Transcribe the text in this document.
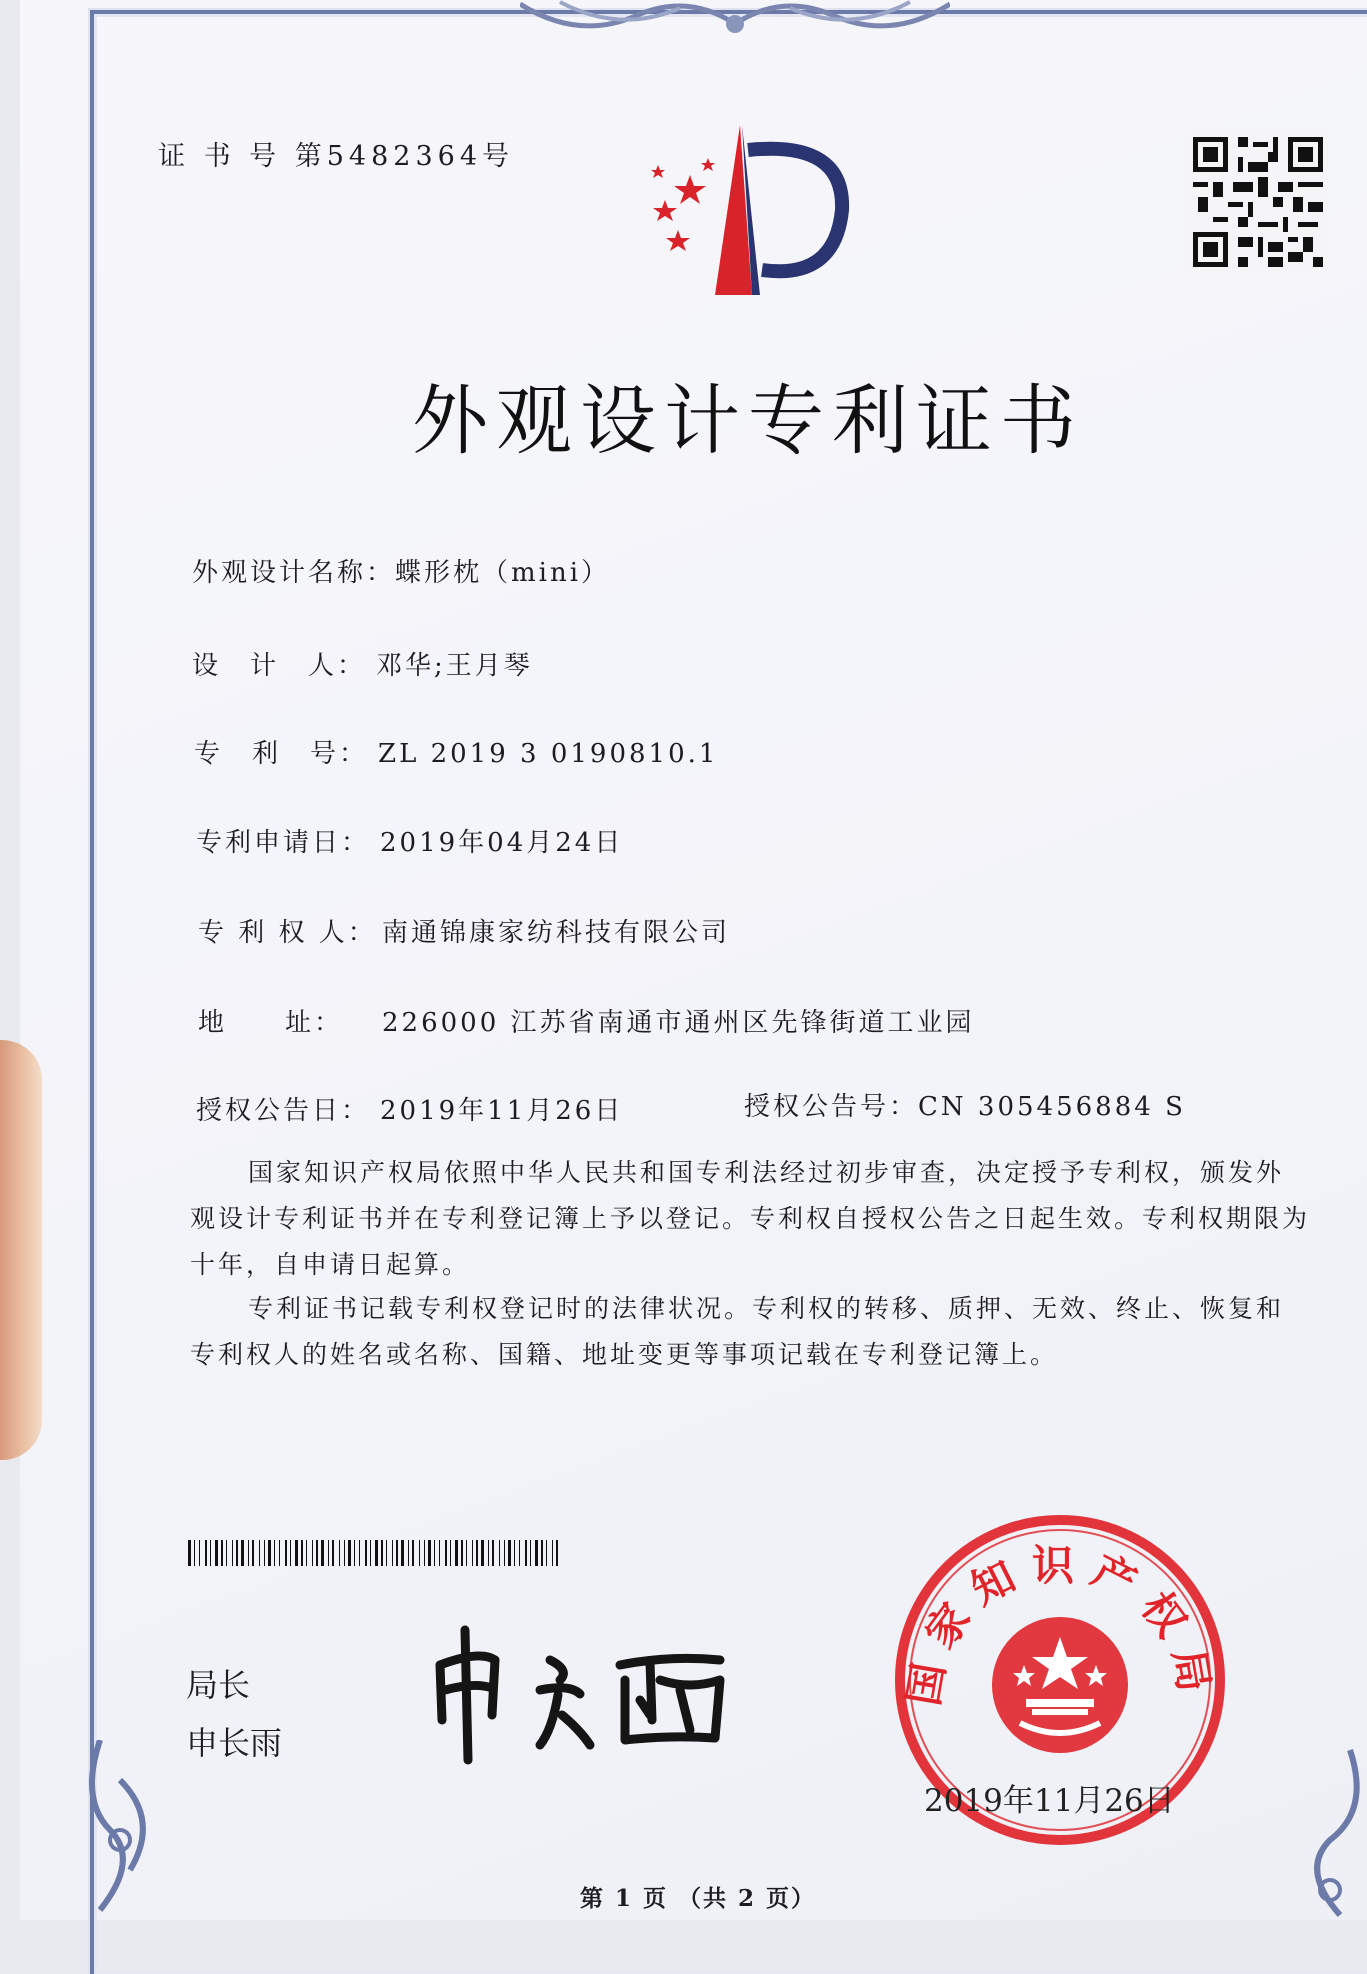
证 书 号 第5482364号
外观设计专利证书
外观设计名称：蝶形枕（mini）
设　计　人： 邓华;王月琴
专　利　号： ZL 2019 3 0190810.1
专利申请日： 2019年04月24日
专 利 权 人： 南通锦康家纺科技有限公司
地　　址： 226000 江苏省南通市通州区先锋街道工业园
授权公告日： 2019年11月26日	授权公告号：CN 305456884 S
国家知识产权局依照中华人民共和国专利法经过初步审查，决定授予专利权，颁发外观设计专利证书并在专利登记簿上予以登记。专利权自授权公告之日起生效。专利权期限为十年，自申请日起算。
专利证书记载专利权登记时的法律状况。专利权的转移、质押、无效、终止、恢复和专利权人的姓名或名称、国籍、地址变更等事项记载在专利登记簿上。
局长
申长雨
国家知识产权局
2019年11月26日
第 1 页 （共 2 页）
